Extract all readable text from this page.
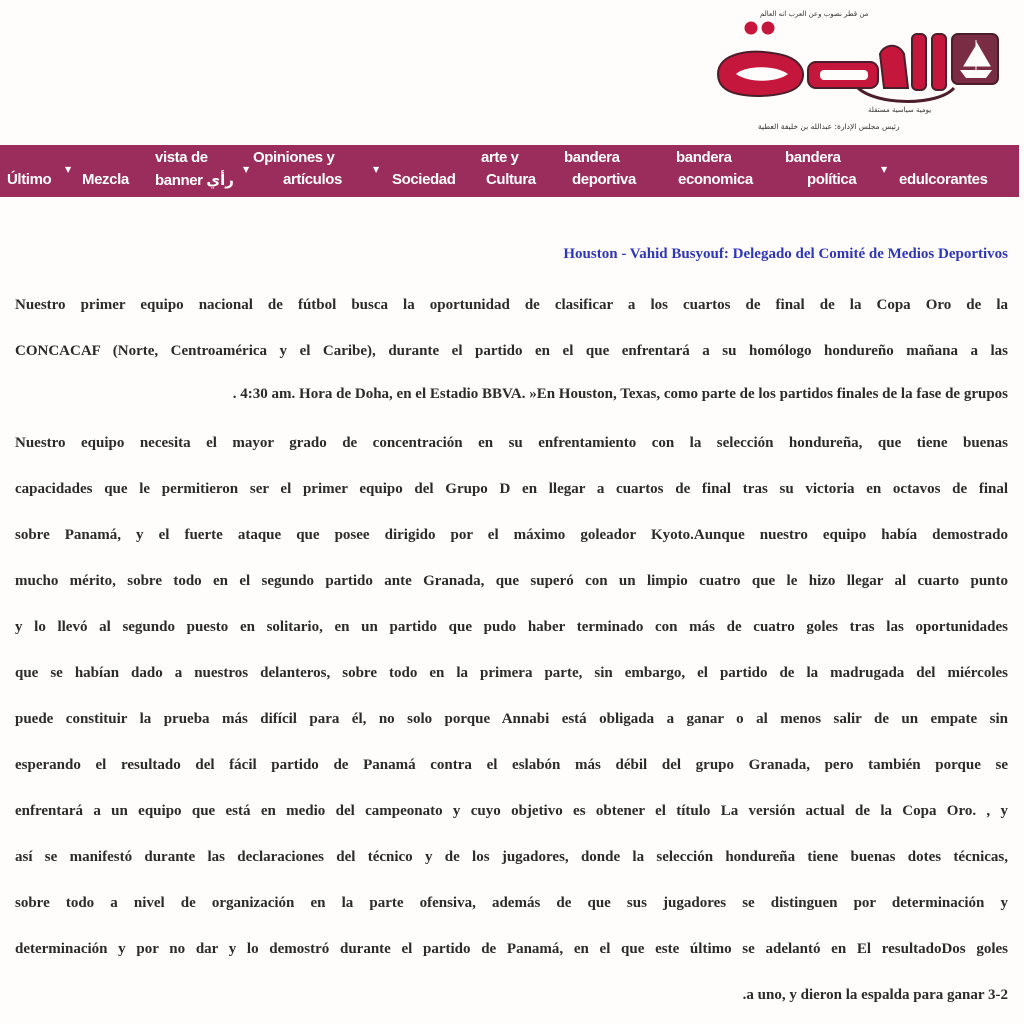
من قطر نصوب وعن العرب انه العالم
يومية سياسية مستقلة
رئيس مجلس الإدارة: عبدالله بن خليفة العطية
Último
▼
Mezcla
vista de
banner رأي
▼
Opiniones y
artículos
▼
Sociedad
arte y
Cultura
bandera
deportiva
bandera
economica
bandera
política
▼
edulcorantes
Houston - Vahid Busyouf: Delegado del Comité de Medios Deportivos

Nuestro primer equipo nacional de fútbol busca la oportunidad de clasificar a los cuartos de final de la Copa Oro de la

CONCACAF (Norte, Centroamérica y el Caribe), durante el partido en el que enfrentará a su homólogo hondureño mañana a las

. 4:30 am. Hora de Doha, en el Estadio BBVA. »En Houston, Texas, como parte de los partidos finales de la fase de grupos

Nuestro equipo necesita el mayor grado de concentración en su enfrentamiento con la selección hondureña, que tiene buenas

capacidades que le permitieron ser el primer equipo del Grupo D en llegar a cuartos de final tras su victoria en octavos de final

sobre Panamá, y el fuerte ataque que posee dirigido por el máximo goleador Kyoto.Aunque nuestro equipo había demostrado

mucho mérito, sobre todo en el segundo partido ante Granada, que superó con un limpio cuatro que le hizo llegar al cuarto punto

y lo llevó al segundo puesto en solitario, en un partido que pudo haber terminado con más de cuatro goles tras las oportunidades

que se habían dado a nuestros delanteros, sobre todo en la primera parte, sin embargo, el partido de la madrugada del miércoles

puede constituir la prueba más difícil para él, no solo porque Annabi está obligada a ganar o al menos salir de un empate sin

esperando el resultado del fácil partido de Panamá contra el eslabón más débil del grupo Granada, pero también porque se

enfrentará a un equipo que está en medio del campeonato y cuyo objetivo es obtener el título La versión actual de la Copa Oro. , y

así se manifestó durante las declaraciones del técnico y de los jugadores, donde la selección hondureña tiene buenas dotes técnicas,

sobre todo a nivel de organización en la parte ofensiva, además de que sus jugadores se distinguen por determinación y

determinación y por no dar y lo demostró durante el partido de Panamá, en el que este último se adelantó en El resultadoDos goles

.a uno, y dieron la espalda para ganar 3-2
